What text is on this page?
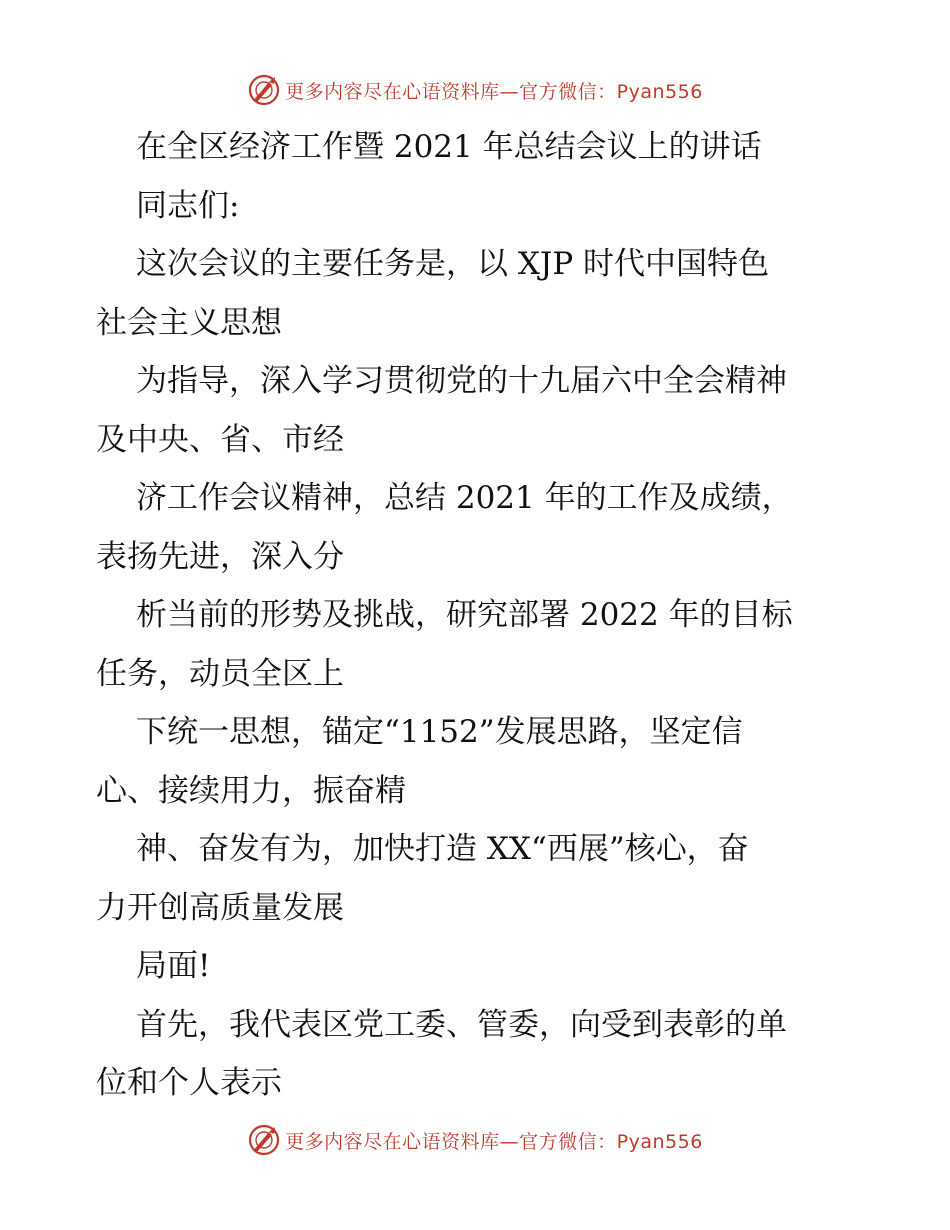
更多内容尽在心语资料库—官方微信：Pyan556
在全区经济工作暨 2021 年总结会议上的讲话
同志们:
这次会议的主要任务是，以 XJP 时代中国特色
社会主义思想
为指导，深入学习贯彻党的十九届六中全会精神
及中央、省、市经
济工作会议精神，总结 2021 年的工作及成绩，
表扬先进，深入分
析当前的形势及挑战，研究部署 2022 年的目标
任务，动员全区上
下统一思想，锚定“1152”发展思路，坚定信
心、接续用力，振奋精
神、奋发有为，加快打造 XX“西展”核心，奋
力开创高质量发展
局面!
首先，我代表区党工委、管委，向受到表彰的单
位和个人表示
更多内容尽在心语资料库—官方微信：Pyan556
